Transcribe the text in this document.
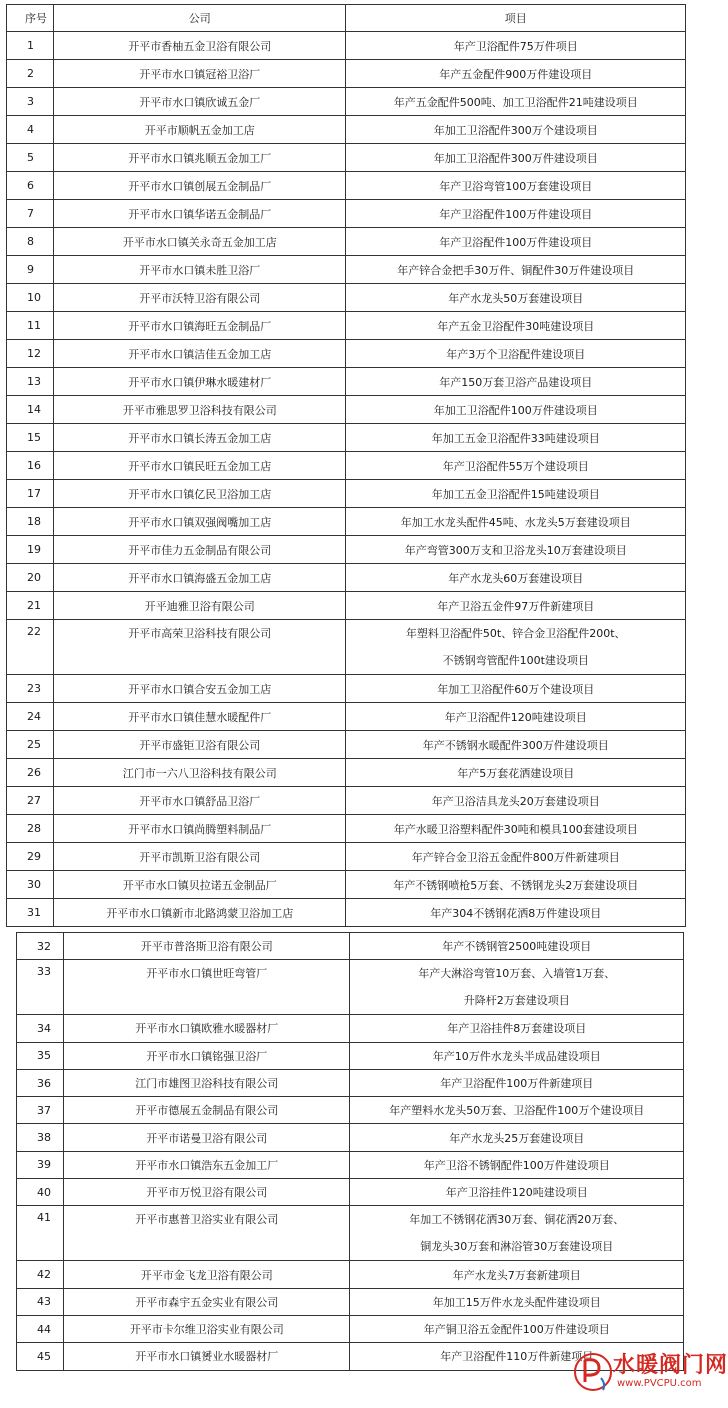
序号	公司	项目
1	开平市香柚五金卫浴有限公司	年产卫浴配件75万件项目

2	开平市水口镇冠裕卫浴厂	年产五金配件900万件建设项目

3	开平市水口镇欣诚五金厂	年产五金配件500吨、加工卫浴配件21吨建设项目

4	开平市顺帆五金加工店	年加工卫浴配件300万个建设项目

5	开平市水口镇兆顺五金加工厂	年加工卫浴配件300万件建设项目

6	开平市水口镇创展五金制品厂	年产卫浴弯管100万套建设项目

7	开平市水口镇华诺五金制品厂	年产卫浴配件100万件建设项目

8	开平市水口镇关永奇五金加工店	年产卫浴配件100万件建设项目

9	开平市水口镇未胜卫浴厂	年产锌合金把手30万件、铜配件30万件建设项目

10	开平市沃特卫浴有限公司	年产水龙头50万套建设项目

11	开平市水口镇海旺五金制品厂	年产五金卫浴配件30吨建设项目

12	开平市水口镇洁佳五金加工店	年产3万个卫浴配件建设项目

13	开平市水口镇伊琳水暖建材厂	年产150万套卫浴产品建设项目

14	开平市雅思罗卫浴科技有限公司	年加工卫浴配件100万件建设项目

15	开平市水口镇长涛五金加工店	年加工五金卫浴配件33吨建设项目

16	开平市水口镇民旺五金加工店	年产卫浴配件55万个建设项目

17	开平市水口镇亿民卫浴加工店	年加工五金卫浴配件15吨建设项目

18	开平市水口镇双强阀嘴加工店	年加工水龙头配件45吨、水龙头5万套建设项目

19	开平市佳力五金制品有限公司	年产弯管300万支和卫浴龙头10万套建设项目

20	开平市水口镇海盛五金加工店	年产水龙头60万套建设项目

21	开平迪雅卫浴有限公司	年产卫浴五金件97万件新建项目

22	开平市高荣卫浴科技有限公司	年塑料卫浴配件50t、锌合金卫浴配件200t、
不锈钢弯管配件100t建设项目

23	开平市水口镇合安五金加工店	年加工卫浴配件60万个建设项目

24	开平市水口镇佳慧水暖配件厂	年产卫浴配件120吨建设项目

25	开平市盛钜卫浴有限公司	年产不锈钢水暖配件300万件建设项目

26	江门市一六八卫浴科技有限公司	年产5万套花洒建设项目

27	开平市水口镇舒品卫浴厂	年产卫浴洁具龙头20万套建设项目

28	开平市水口镇尚腾塑料制品厂	年产水暖卫浴塑料配件30吨和模具100套建设项目

29	开平市凯斯卫浴有限公司	年产锌合金卫浴五金配件800万件新建项目

30	开平市水口镇贝拉诺五金制品厂	年产不锈钢喷枪5万套、不锈钢龙头2万套建设项目

31	开平市水口镇新市北路鸿蒙卫浴加工店	年产304不锈钢花洒8万件建设项目
32	开平市普洛斯卫浴有限公司	年产不锈钢管2500吨建设项目

33	开平市水口镇世旺弯管厂	年产大淋浴弯管10万套、入墙管1万套、
升降杆2万套建设项目

34	开平市水口镇欧雅水暖器材厂	年产卫浴挂件8万套建设项目

35	开平市水口镇铭强卫浴厂	年产10万件水龙头半成品建设项目

36	江门市雄图卫浴科技有限公司	年产卫浴配件100万件新建项目

37	开平市德展五金制品有限公司	年产塑料水龙头50万套、卫浴配件100万个建设项目

38	开平市诺曼卫浴有限公司	年产水龙头25万套建设项目

39	开平市水口镇浩东五金加工厂	年产卫浴不锈钢配件100万件建设项目

40	开平市万悦卫浴有限公司	年产卫浴挂件120吨建设项目

41	开平市惠普卫浴实业有限公司	年加工不锈钢花洒30万套、铜花洒20万套、
铜龙头30万套和淋浴管30万套建设项目

42	开平市金飞龙卫浴有限公司	年产水龙头7万套新建项目

43	开平市森宇五金实业有限公司	年加工15万件水龙头配件建设项目

44	开平市卡尔维卫浴实业有限公司	年产铜卫浴五金配件100万件建设项目

45	开平市水口镇赟业水暖器材厂	年产卫浴配件110万件新建项目 水暖阀门网
www.PVCPU.com
